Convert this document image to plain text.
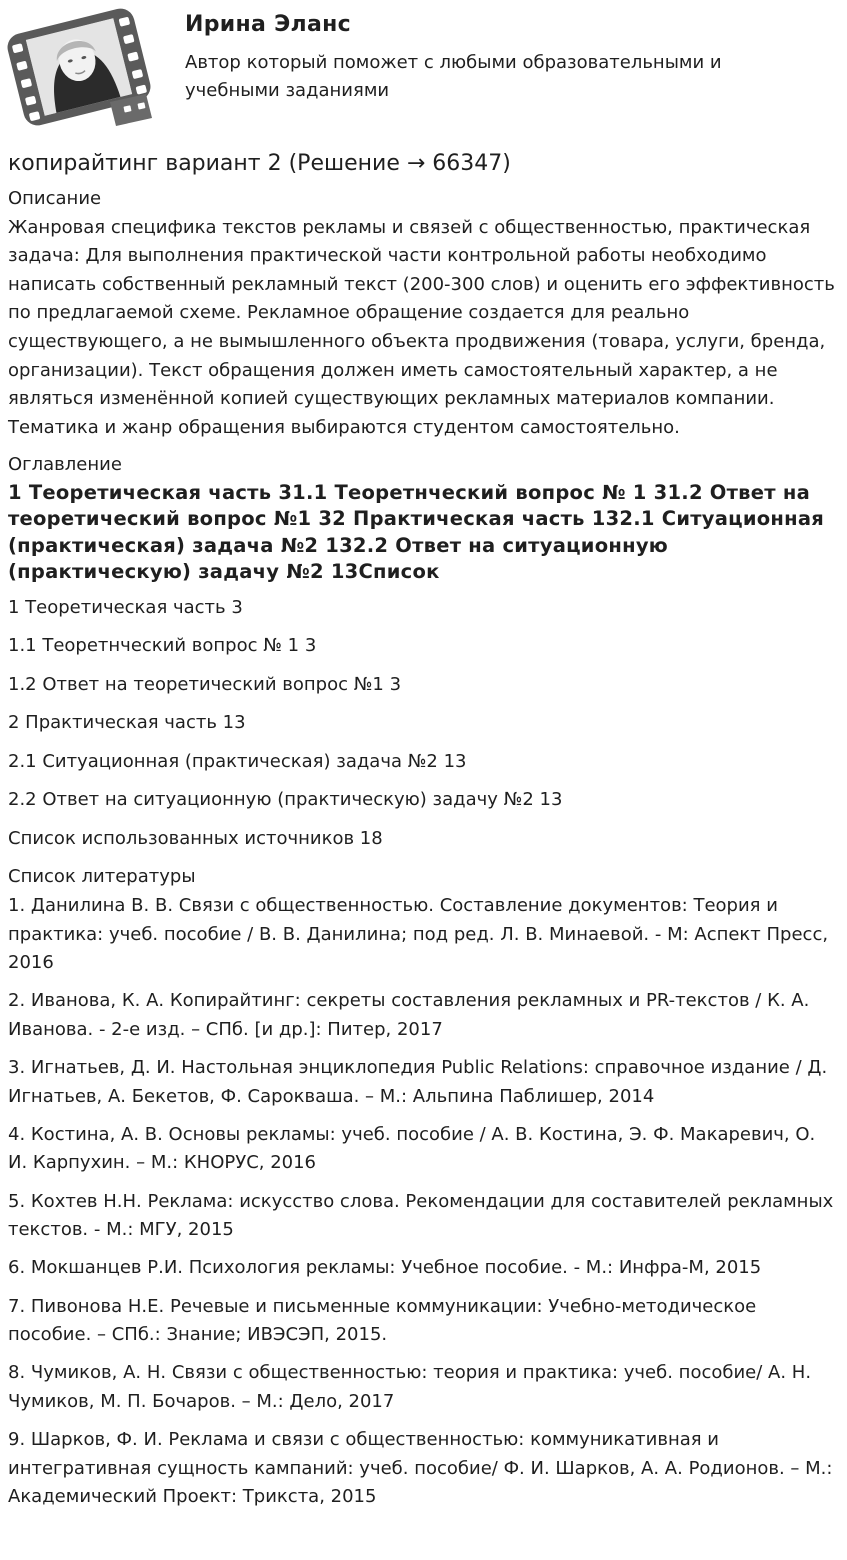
Ирина Эланс
Автор который поможет с любыми образовательными и учебными заданиями
копирайтинг вариант 2 (Решение → 66347)
Описание
Жанровая специфика текстов рекламы и связей с общественностью, практическая задача: Для выполнения практической части контрольной работы необходимо написать собственный рекламный текст (200-300 слов) и оценить его эффективность по предлагаемой схеме. Рекламное обращение создается для реально существующего, а не вымышленного объекта продвижения (товара, услуги, бренда, организации). Текст обращения должен иметь самостоятельный характер, а не являться изменённой копией существующих рекламных материалов компании. Тематика и жанр обращения выбираются студентом самостоятельно.
Оглавление
1 Теоретическая часть 31.1 Теоретнческий вопрос № 1 31.2 Ответ на теоретический вопрос №1 32 Практическая часть 132.1 Ситуационная (практическая) задача №2 132.2 Ответ на ситуационную (практическую) задачу №2 13Список
1 Теоретическая часть 3
1.1 Теоретнческий вопрос № 1 3
1.2 Ответ на теоретический вопрос №1 3
2 Практическая часть 13
2.1 Ситуационная (практическая) задача №2 13
2.2 Ответ на ситуационную (практическую) задачу №2 13
Список использованных источников 18
Список литературы
1. Данилина В. В. Связи с общественностью. Составление документов: Теория и практика: учеб. пособие / В. В. Данилина; под ред. Л. В. Минаевой. - М: Аспект Пресс, 2016
2. Иванова, К. А. Копирайтинг: секреты составления рекламных и PR-текстов / К. А. Иванова. - 2-е изд. – СПб. [и др.]: Питер, 2017
3. Игнатьев, Д. И. Настольная энциклопедия Public Relations: справочное издание / Д. Игнатьев, А. Бекетов, Ф. Сарокваша. – М.: Альпина Паблишер, 2014
4. Костина, А. В. Основы рекламы: учеб. пособие / А. В. Костина, Э. Ф. Макаревич, О. И. Карпухин. – М.: КНОРУС, 2016
5. Кохтев Н.Н. Реклама: искусство слова. Рекомендации для составителей рекламных текстов. - М.: МГУ, 2015
6. Мокшанцев Р.И. Психология рекламы: Учебное пособие. - М.: Инфра-М, 2015
7. Пивонова Н.Е. Речевые и письменные коммуникации: Учебно-методическое пособие. – СПб.: Знание; ИВЭСЭП, 2015.
8. Чумиков, А. Н. Связи с общественностью: теория и практика: учеб. пособие/ А. Н. Чумиков, М. П. Бочаров. – М.: Дело, 2017
9. Шарков, Ф. И. Реклама и связи с общественностью: коммуникативная и интегративная сущность кампаний: учеб. пособие/ Ф. И. Шарков, А. А. Родионов. – М.: Академический Проект: Трикста, 2015
